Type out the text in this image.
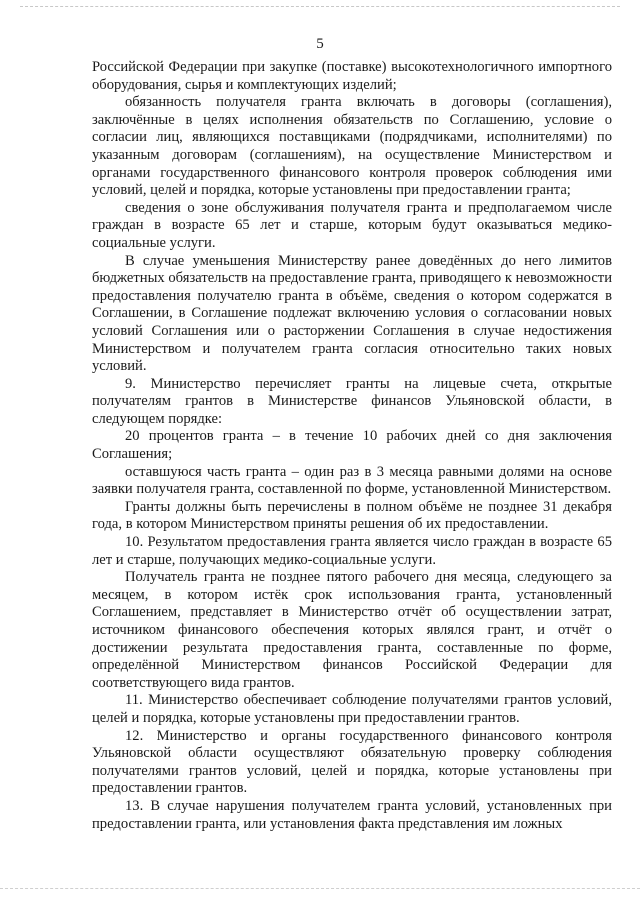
5

Российской Федерации при закупке (поставке) высокотехнологичного импортного оборудования, сырья и комплектующих изделий;

обязанность получателя гранта включать в договоры (соглашения), заключённые в целях исполнения обязательств по Соглашению, условие о согласии лиц, являющихся поставщиками (подрядчиками, исполнителями) по указанным договорам (соглашениям), на осуществление Министерством и органами государственного финансового контроля проверок соблюдения ими условий, целей и порядка, которые установлены при предоставлении гранта;

сведения о зоне обслуживания получателя гранта и предполагаемом числе граждан в возрасте 65 лет и старше, которым будут оказываться медико-социальные услуги.

В случае уменьшения Министерству ранее доведённых до него лимитов бюджетных обязательств на предоставление гранта, приводящего к невозможности предоставления получателю гранта в объёме, сведения о котором содержатся в Соглашении, в Соглашение подлежат включению условия о согласовании новых условий Соглашения или о расторжении Соглашения в случае недостижения Министерством и получателем гранта согласия относительно таких новых условий.

9. Министерство перечисляет гранты на лицевые счета, открытые получателям грантов в Министерстве финансов Ульяновской области, в следующем порядке:

20 процентов гранта – в течение 10 рабочих дней со дня заключения Соглашения;

оставшуюся часть гранта – один раз в 3 месяца равными долями на основе заявки получателя гранта, составленной по форме, установленной Министерством.

Гранты должны быть перечислены в полном объёме не позднее 31 декабря года, в котором Министерством приняты решения об их предоставлении.

10. Результатом предоставления гранта является число граждан в возрасте 65 лет и старше, получающих медико-социальные услуги.

Получатель гранта не позднее пятого рабочего дня месяца, следующего за месяцем, в котором истёк срок использования гранта, установленный Соглашением, представляет в Министерство отчёт об осуществлении затрат, источником финансового обеспечения которых являлся грант, и отчёт о достижении результата предоставления гранта, составленные по форме, определённой Министерством финансов Российской Федерации для соответствующего вида грантов.

11. Министерство обеспечивает соблюдение получателями грантов условий, целей и порядка, которые установлены при предоставлении грантов.

12. Министерство и органы государственного финансового контроля Ульяновской области осуществляют обязательную проверку соблюдения получателями грантов условий, целей и порядка, которые установлены при предоставлении грантов.

13. В случае нарушения получателем гранта условий, установленных при предоставлении гранта, или установления факта представления им ложных
